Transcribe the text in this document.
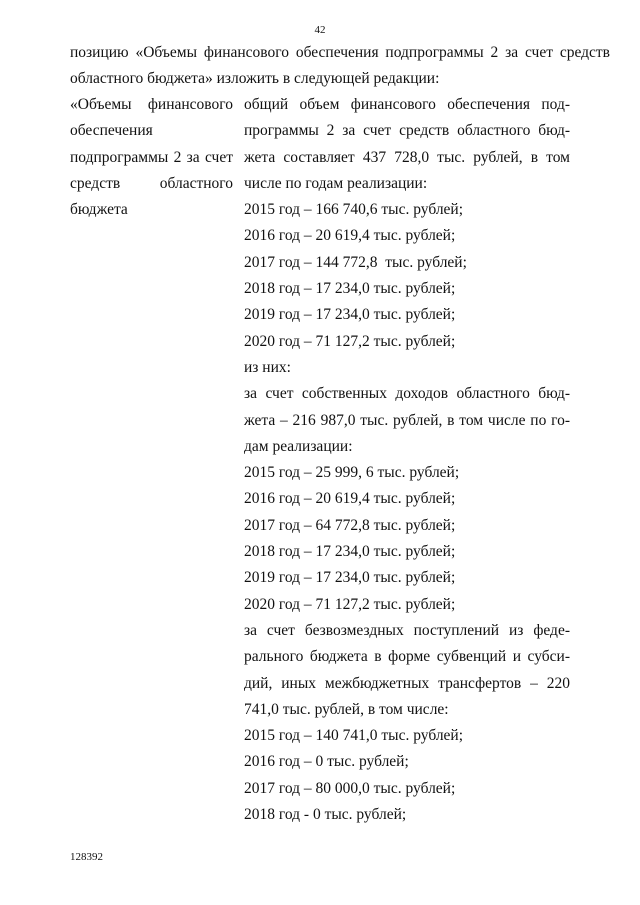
42
позицию «Объемы финансового обеспечения подпрограммы 2 за счет средств
областного бюджета» изложить в следующей редакции:
«Объемы финансового
обеспечения
подпрограммы 2 за счет
средств областного
бюджета
общий объем финансового обеспечения под-
программы 2 за счет средств областного бюд-
жета составляет 437 728,0 тыс. рублей, в том
числе по годам реализации:
2015 год – 166 740,6 тыс. рублей;
2016 год – 20 619,4 тыс. рублей;
2017 год – 144 772,8  тыс. рублей;
2018 год – 17 234,0 тыс. рублей;
2019 год – 17 234,0 тыс. рублей;
2020 год – 71 127,2 тыс. рублей;
из них:
за счет собственных доходов областного бюд-
жета – 216 987,0 тыс. рублей, в том числе по го-
дам реализации:
2015 год – 25 999, 6 тыс. рублей;
2016 год – 20 619,4 тыс. рублей;
2017 год – 64 772,8 тыс. рублей;
2018 год – 17 234,0 тыс. рублей;
2019 год – 17 234,0 тыс. рублей;
2020 год – 71 127,2 тыс. рублей;
за счет безвозмездных поступлений из феде-
рального бюджета в форме субвенций и субси-
дий, иных межбюджетных трансфертов – 220
741,0 тыс. рублей, в том числе:
2015 год – 140 741,0 тыс. рублей;
2016 год – 0 тыс. рублей;
2017 год – 80 000,0 тыс. рублей;
2018 год - 0 тыс. рублей;
128392
